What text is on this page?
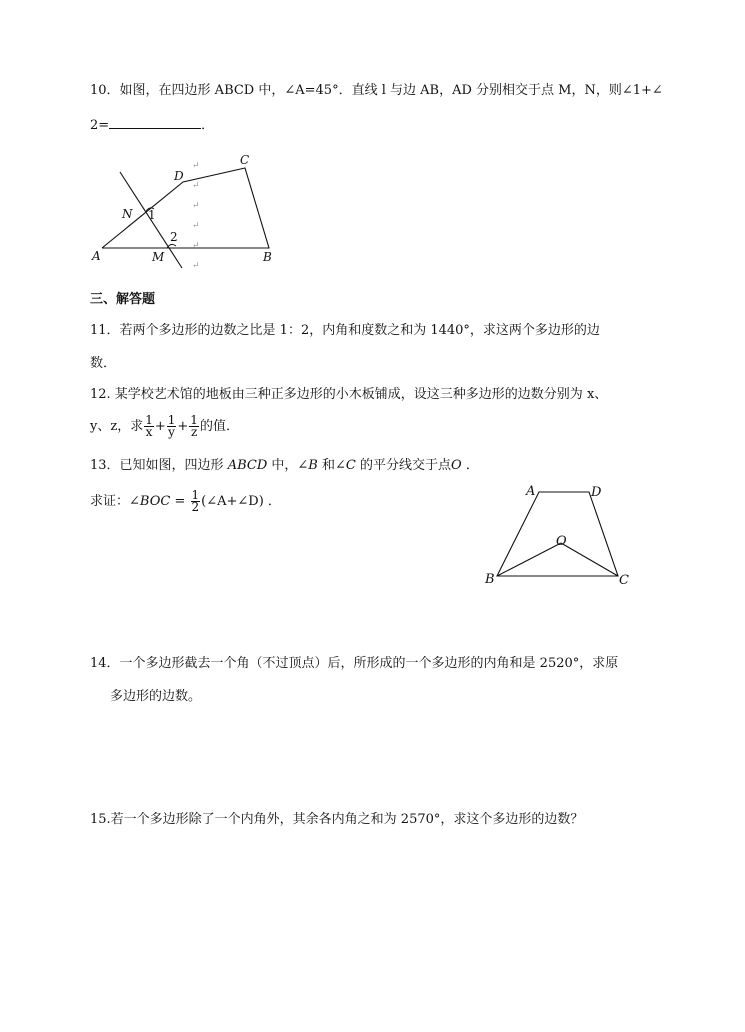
10．如图，在四边形 ABCD 中，∠A=45°．直线 l 与边 AB，AD 分别相交于点 M，N，则∠1+∠
2=	．
↵
↵
↵
↵
↵
↵
A	B
C
D
N
M
1
2
三、解答题
11．若两个多边形的边数之比是 1：2，内角和度数之和为 1440°，求这两个多边形的边
数．
12. 某学校艺术馆的地板由三种正多边形的小木板铺成，设这三种多边形的边数分别为 x、
y、z，求 $\frac{1}{x} + \frac{1}{y} + \frac{1}{z}$ 的值．
13．已知如图，四边形 ABCD 中，∠B 和∠C 的平分线交于点O ．
求证：∠BOC = $\frac{1}{2}$ (∠A+∠D) ．
A	D
B	C
O
14．一个多边形截去一个角（不过顶点）后，所形成的一个多边形的内角和是 2520°，求原
多边形的边数。
15.若一个多边形除了一个内角外，其余各内角之和为 2570°，求这个多边形的边数？
